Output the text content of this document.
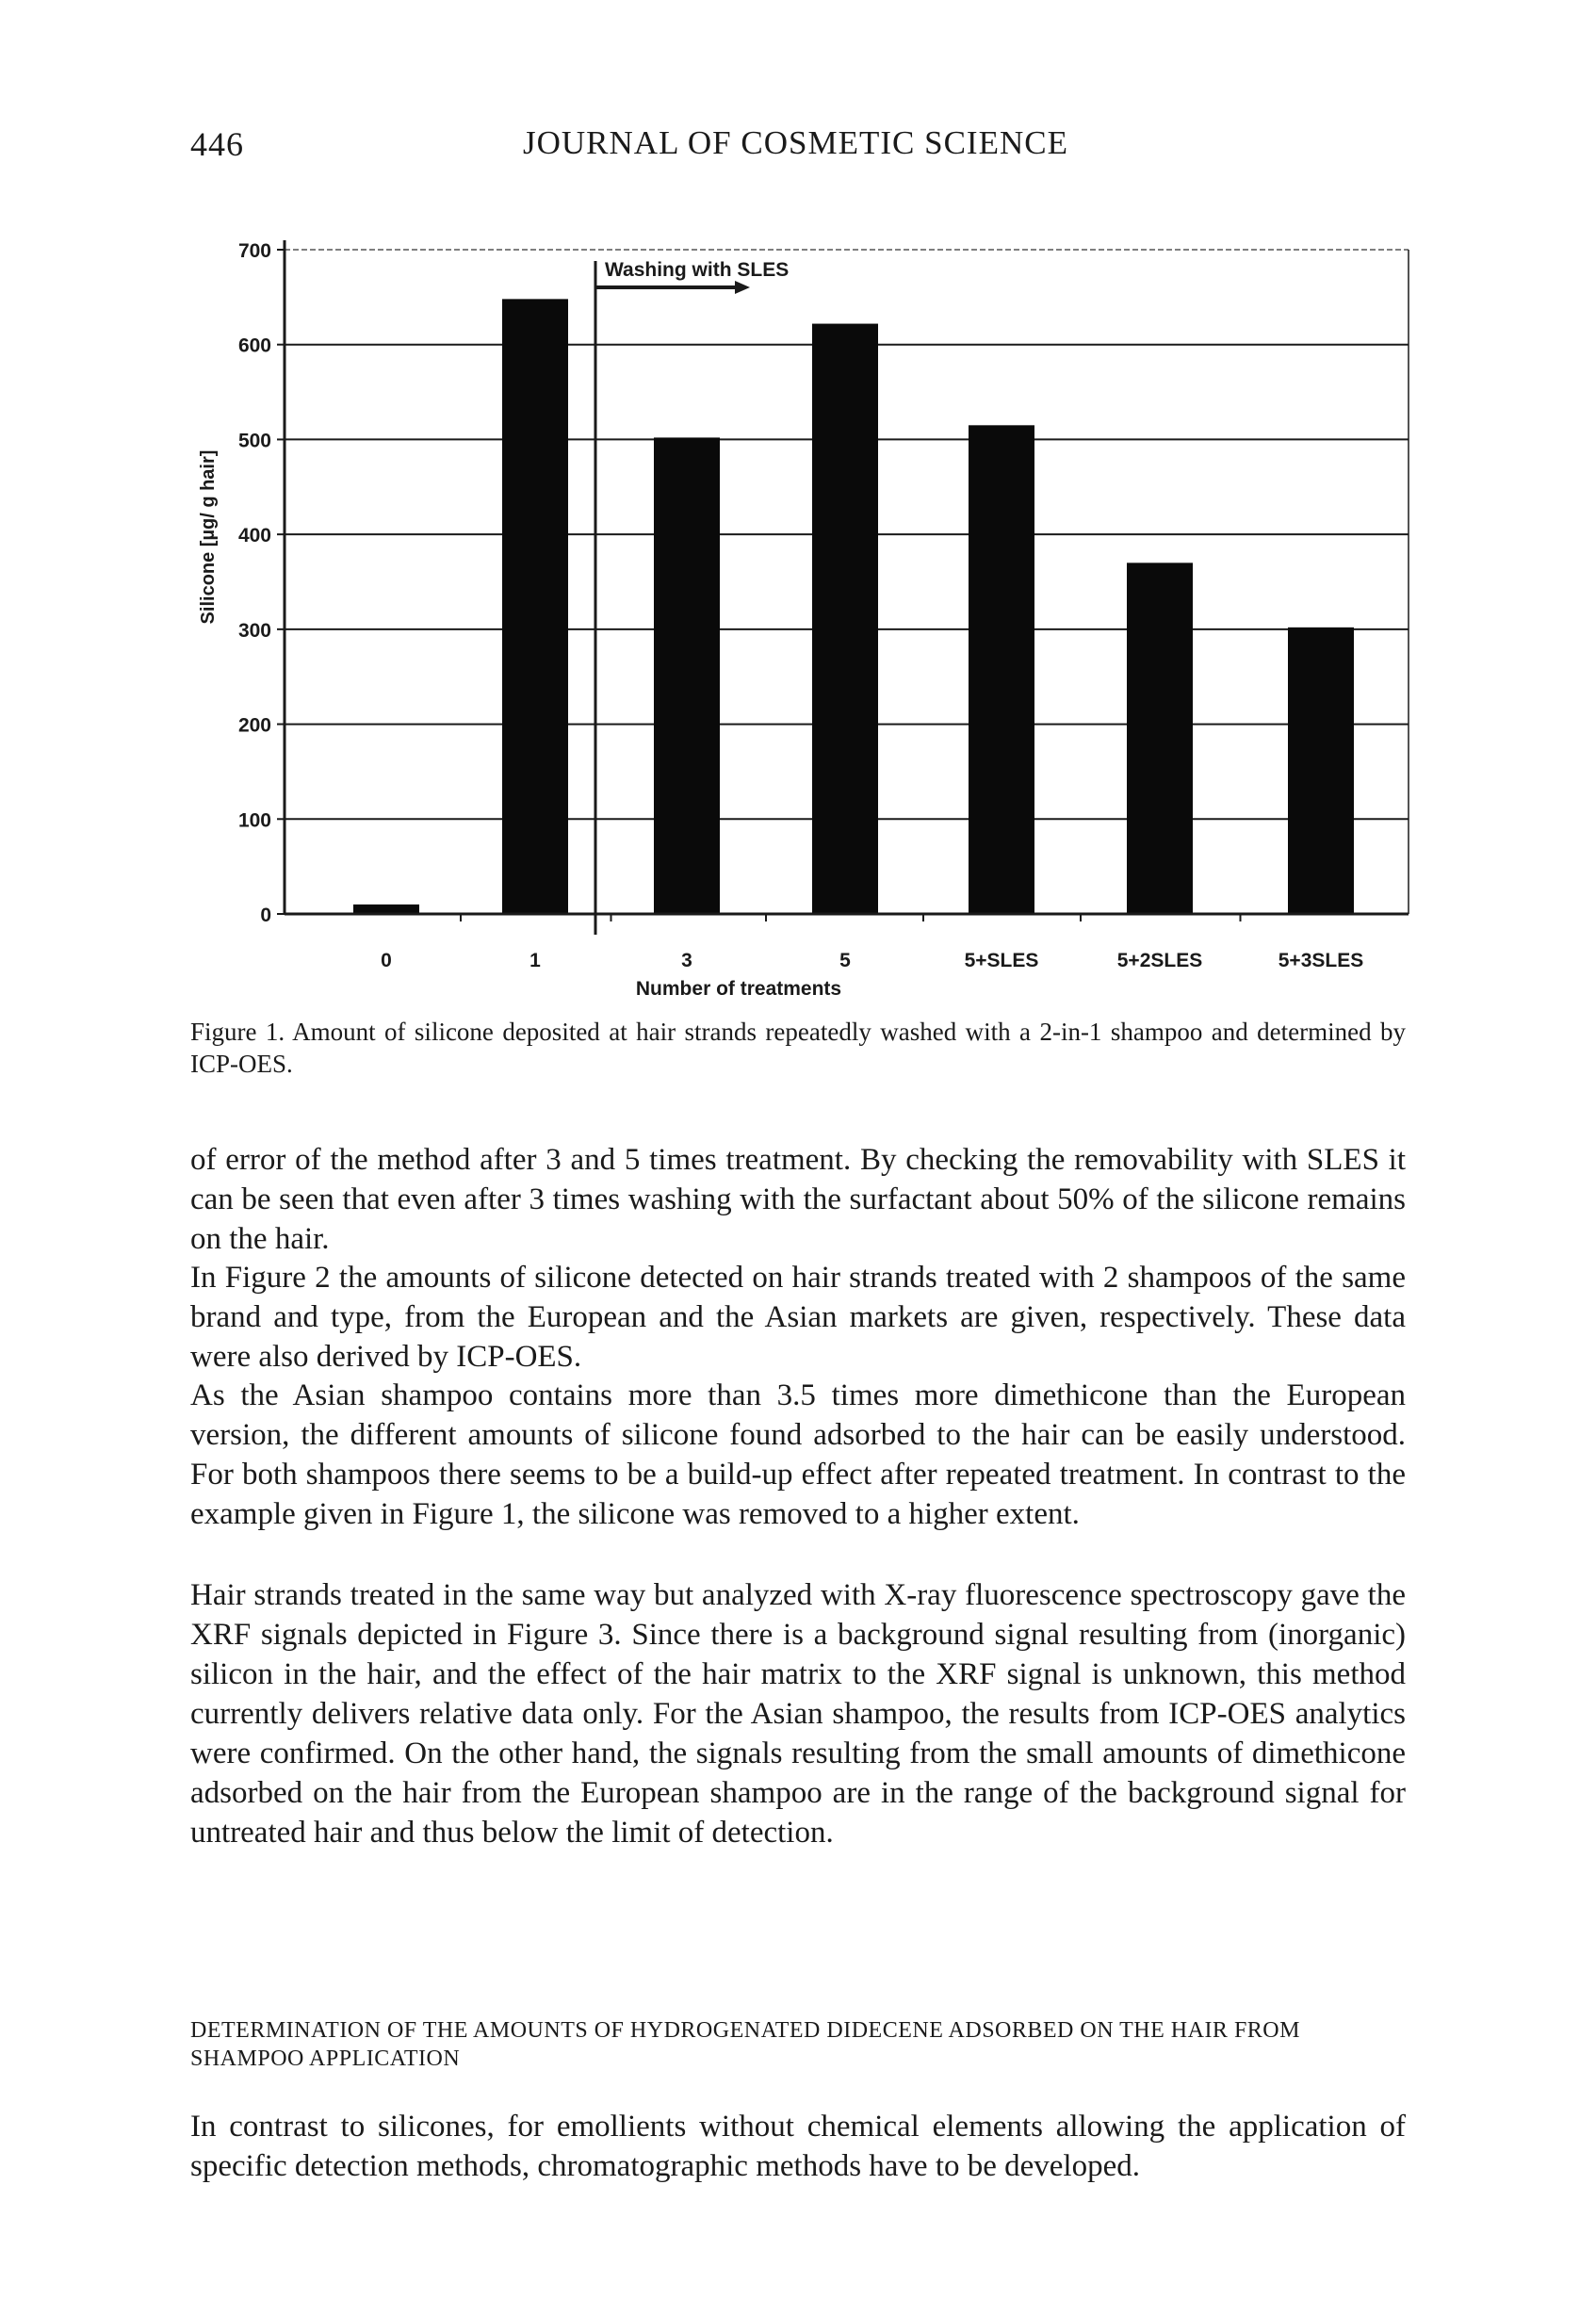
446	JOURNAL OF COSMETIC SCIENCE
0
100
200
300
400
500
600
700
0	1	3	5	5+SLES	5+2SLES	5+3SLES
Silicone [µg/ g hair]
Number of treatments
Washing with SLES
Figure 1. Amount of silicone deposited at hair strands repeatedly washed with a 2-in-1 shampoo and determined by ICP-OES.

of error of the method after 3 and 5 times treatment. By checking the removability with SLES it can be seen that even after 3 times washing with the surfactant about 50% of the silicone remains on the hair.

In Figure 2 the amounts of silicone detected on hair strands treated with 2 shampoos of the same brand and type, from the European and the Asian markets are given, respectively. These data were also derived by ICP-OES.

As the Asian shampoo contains more than 3.5 times more dimethicone than the European version, the different amounts of silicone found adsorbed to the hair can be easily understood. For both shampoos there seems to be a build-up effect after repeated treatment. In contrast to the example given in Figure 1, the silicone was removed to a higher extent.

Hair strands treated in the same way but analyzed with X-ray fluorescence spectroscopy gave the XRF signals depicted in Figure 3. Since there is a background signal resulting from (inorganic) silicon in the hair, and the effect of the hair matrix to the XRF signal is unknown, this method currently delivers relative data only. For the Asian shampoo, the results from ICP-OES analytics were confirmed. On the other hand, the signals resulting from the small amounts of dimethicone adsorbed on the hair from the European shampoo are in the range of the background signal for untreated hair and thus below the limit of detection.

DETERMINATION OF THE AMOUNTS OF HYDROGENATED DIDECENE ADSORBED ON THE HAIR FROM SHAMPOO APPLICATION

In contrast to silicones, for emollients without chemical elements allowing the application of specific detection methods, chromatographic methods have to be developed.
